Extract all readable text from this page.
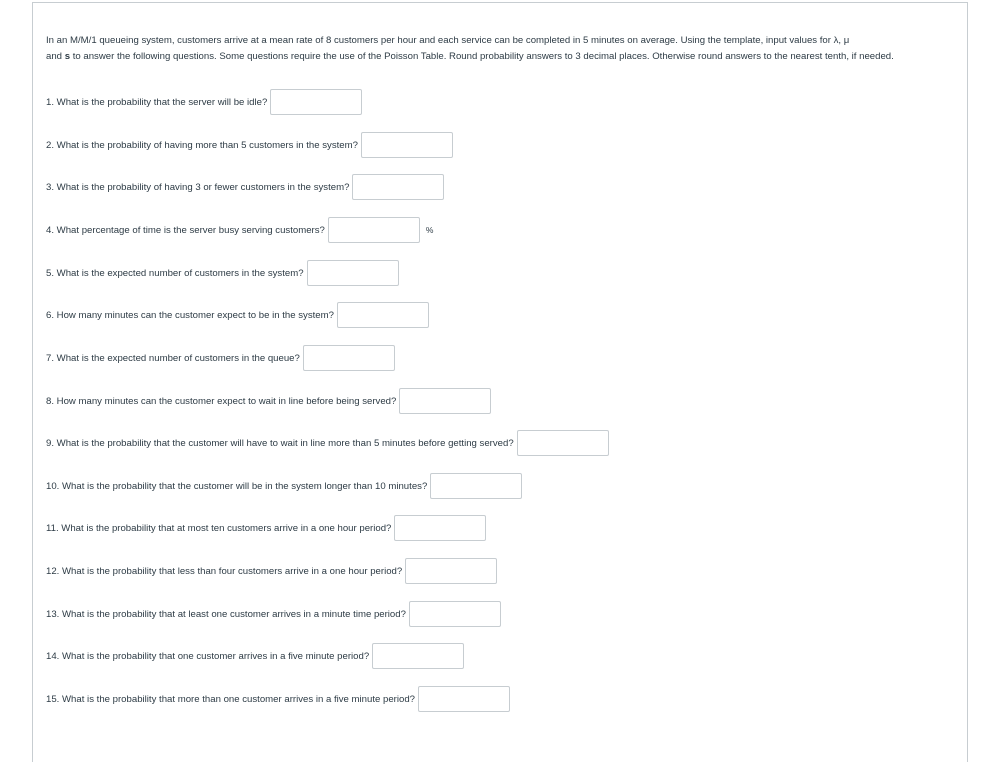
In an M/M/1 queueing system, customers arrive at a mean rate of 8 customers per hour and each service can be completed in 5 minutes on average. Using the template, input values for λ, μ
and s to answer the following questions. Some questions require the use of the Poisson Table. Round probability answers to 3 decimal places. Otherwise round answers to the nearest tenth, if needed.
1. What is the probability that the server will be idle?
2. What is the probability of having more than 5 customers in the system?
3. What is the probability of having 3 or fewer customers in the system?
4. What percentage of time is the server busy serving customers?	%
5. What is the expected number of customers in the system?
6. How many minutes can the customer expect to be in the system?
7. What is the expected number of customers in the queue?
8. How many minutes can the customer expect to wait in line before being served?
9. What is the probability that the customer will have to wait in line more than 5 minutes before getting served?
10. What is the probability that the customer will be in the system longer than 10 minutes?
11. What is the probability that at most ten customers arrive in a one hour period?
12. What is the probability that less than four customers arrive in a one hour period?
13. What is the probability that at least one customer arrives in a minute time period?
14. What is the probability that one customer arrives in a five minute period?
15. What is the probability that more than one customer arrives in a five minute period?
